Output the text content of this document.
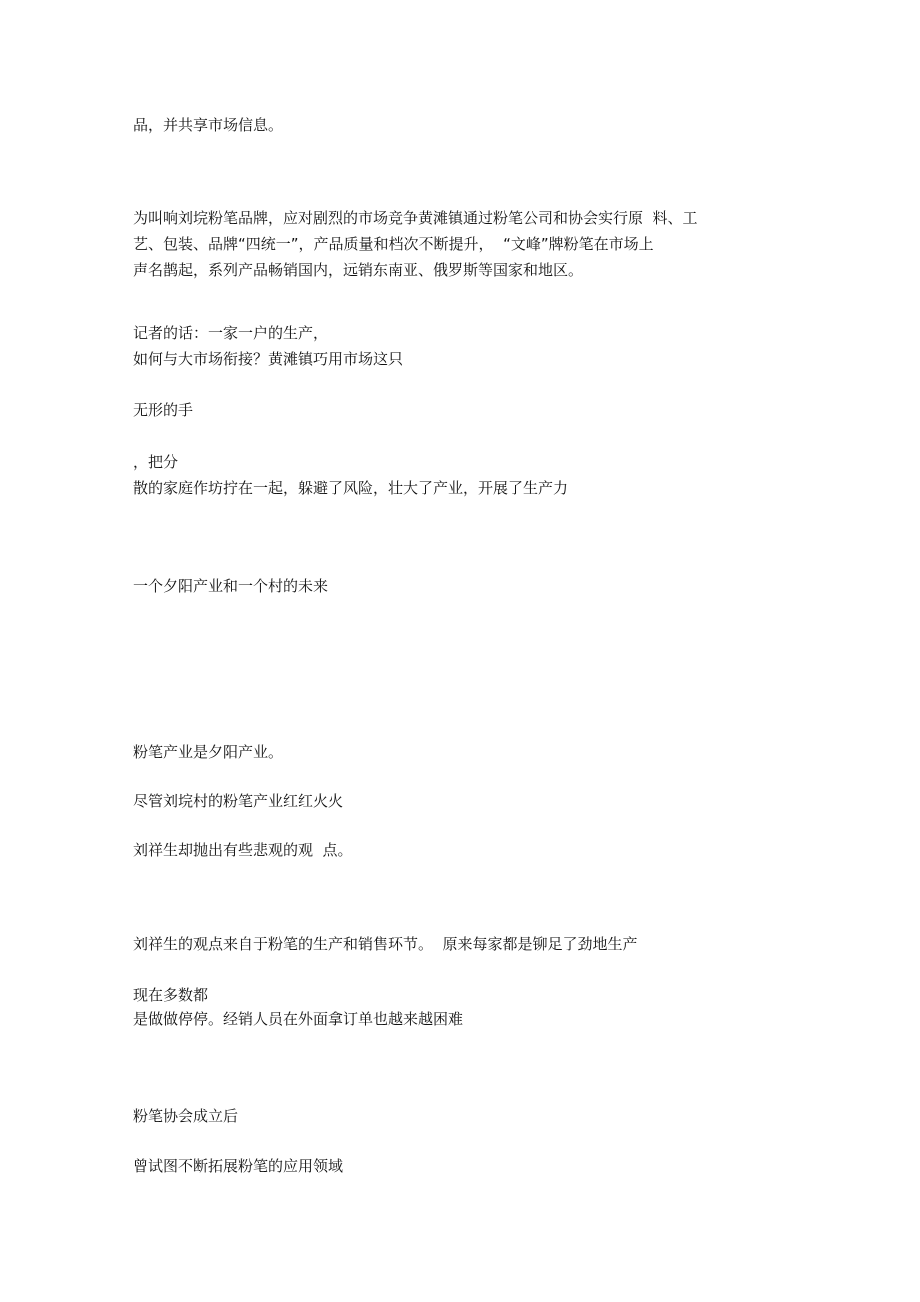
品，并共享市场信息。

为叫响刘垸粉笔品牌，应对剧烈的市场竞争黄滩镇通过粉笔公司和协会实行原  料、工

艺、包装、品牌“四统一”，产品质量和档次不断提升，  “文峰”牌粉笔在市场上

声名鹊起，系列产品畅销国内，远销东南亚、俄罗斯等国家和地区。

记者的话：一家一户的生产，

如何与大市场衔接？黄滩镇巧用市场这只

无形的手

，把分

散的家庭作坊拧在一起，躲避了风险，壮大了产业，开展了生产力

一个夕阳产业和一个村的未来

粉笔产业是夕阳产业。

尽管刘垸村的粉笔产业红红火火

刘祥生却抛出有些悲观的观  点。

刘祥生的观点来自于粉笔的生产和销售环节。  原来每家都是铆足了劲地生产

现在多数都

是做做停停。经销人员在外面拿订单也越来越困难

粉笔协会成立后

曾试图不断拓展粉笔的应用领域
